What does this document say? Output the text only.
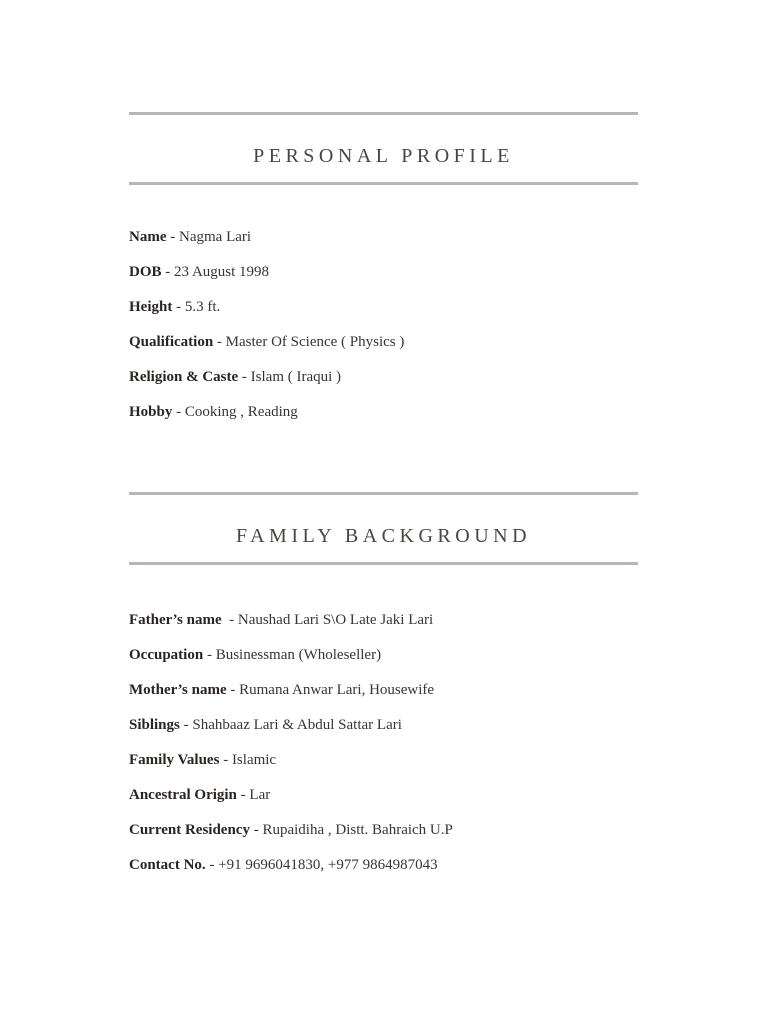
PERSONAL PROFILE
Name - Nagma Lari
DOB - 23 August 1998
Height - 5.3 ft.
Qualification - Master Of Science ( Physics )
Religion & Caste - Islam ( Iraqui )
Hobby - Cooking , Reading
FAMILY BACKGROUND
Father’s name  - Naushad Lari S\O Late Jaki Lari
Occupation - Businessman (Wholeseller)
Mother’s name - Rumana Anwar Lari, Housewife
Siblings - Shahbaaz Lari & Abdul Sattar Lari
Family Values - Islamic
Ancestral Origin - Lar
Current Residency - Rupaidiha , Distt. Bahraich U.P
Contact No. - +91 9696041830, +977 9864987043
